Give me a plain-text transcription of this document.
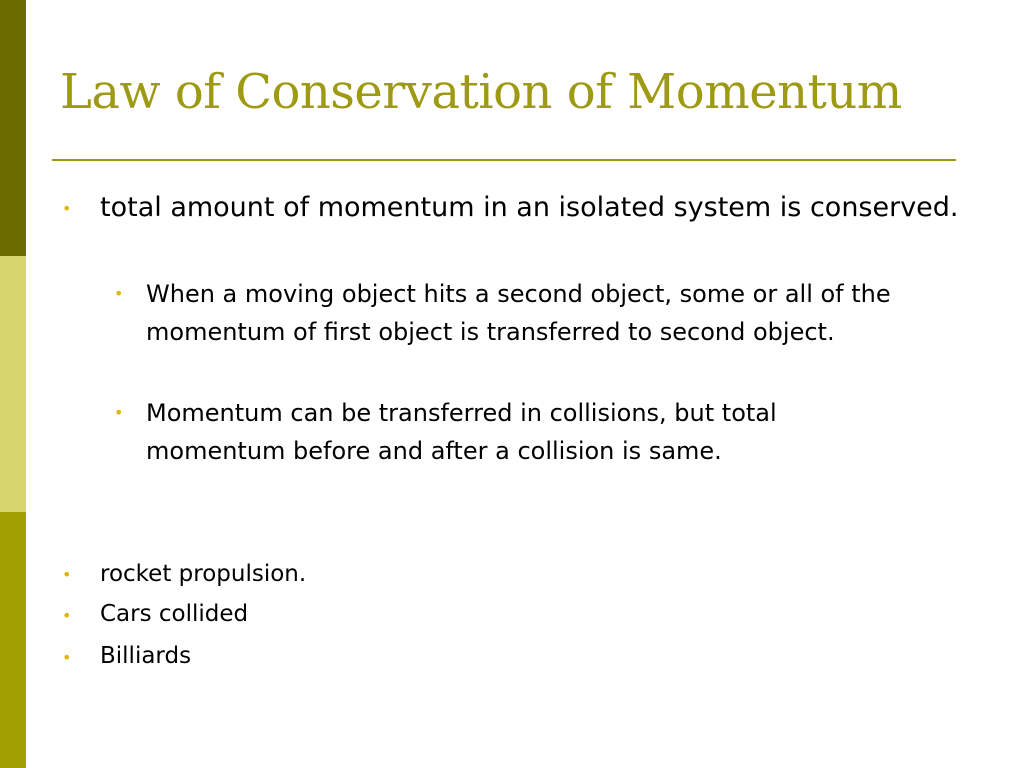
Law of Conservation of Momentum
• total amount of momentum in an isolated system is conserved.
• When a moving object hits a second object, some or all of the momentum of first object is transferred to second object.
• Momentum can be transferred in collisions, but total momentum before and after a collision is same.
• rocket propulsion.
• Cars collided
• Billiards
